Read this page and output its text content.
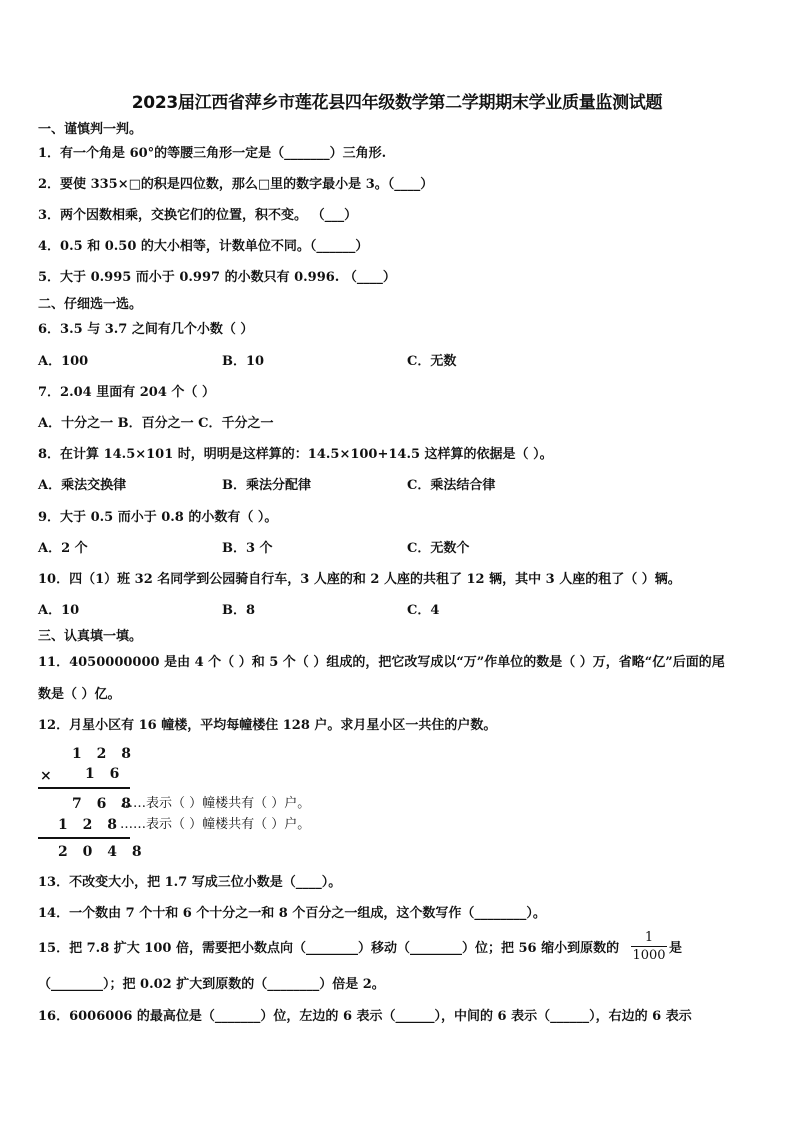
2023届江西省萍乡市莲花县四年级数学第二学期期末学业质量监测试题
一、谨慎判一判。
1．有一个角是 60°的等腰三角形一定是（_______）三角形.
2．要使 335×□的积是四位数，那么□里的数字最小是 3。（____）
3．两个因数相乘，交换它们的位置，积不变。 （___）
4．0.5 和 0.50 的大小相等，计数单位不同。（______）
5．大于 0.995 而小于 0.997 的小数只有 0.996. （____）
二、仔细选一选。
6．3.5 与 3.7 之间有几个小数（ ）
A．100	B．10	C．无数
7．2.04 里面有 204 个（ ）
A．十分之一 B．百分之一 C．千分之一
8．在计算 14.5×101 时，明明是这样算的：14.5×100+14.5 这样算的依据是（ ）。
A．乘法交换律	B．乘法分配律	C．乘法结合律
9．大于 0.5 而小于 0.8 的小数有（ ）。
A．2 个	B．3 个	C．无数个
10．四（1）班 32 名同学到公园骑自行车，3 人座的和 2 人座的共租了 12 辆，其中 3 人座的租了（ ）辆。
A．10	B．8	C．4
三、认真填一填。
11．4050000000 是由 4 个（ ）和 5 个（ ）组成的，把它改写成以“万”作单位的数是（ ）万，省略“亿”后面的尾
数是（ ）亿。
12．月星小区有 16 幢楼，平均每幢楼住 128 户。求月星小区一共住的户数。
1 2 8
× 1 6
7 6 8
……表示（ ）幢楼共有（ ）户。
1 2 8
……表示（ ）幢楼共有（ ）户。
2 0 4 8
13．不改变大小，把 1.7 写成三位小数是（____）。
14．一个数由 7 个十和 6 个十分之一和 8 个百分之一组成，这个数写作（________）。
15．把 7.8 扩大 100 倍，需要把小数点向（________）移动（________）位；把 56 缩小到原数的
1
1000 是
（________）；把 0.02 扩大到原数的（________）倍是 2。
16．6006006 的最高位是（_______）位，左边的 6 表示（______），中间的 6 表示（______），右边的 6 表示
